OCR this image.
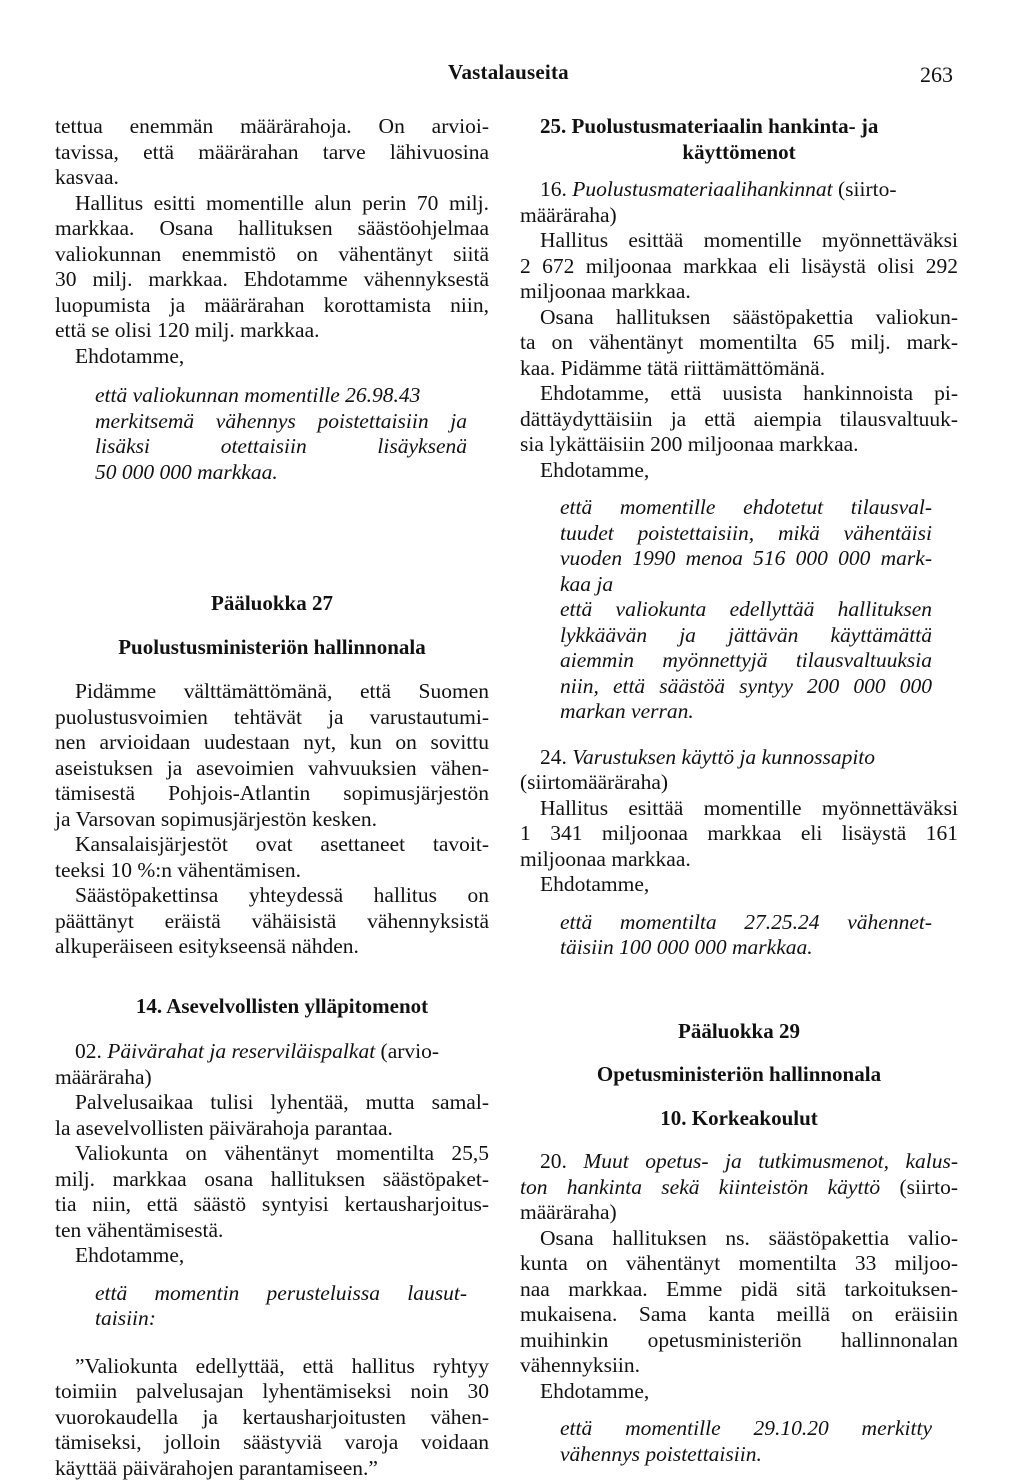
Vastalauseita	263
tettua enemmän määrärahoja. On arvioi-
tavissa, että määrärahan tarve lähivuosina
kasvaa.
Hallitus esitti momentille alun perin 70 milj.
markkaa. Osana hallituksen säästöohjelmaa
valiokunnan enemmistö on vähentänyt siitä
30 milj. markkaa. Ehdotamme vähennyksestä
luopumista ja määrärahan korottamista niin,
että se olisi 120 milj. markkaa.
Ehdotamme,
että valiokunnan momentille 26.98.43
merkitsemä vähennys poistettaisiin ja
lisäksi otettaisiin lisäyksenä
50 000 000 markkaa.
Pääluokka 27
Puolustusministeriön hallinnonala
Pidämme välttämättömänä, että Suomen
puolustusvoimien tehtävät ja varustautumi-
nen arvioidaan uudestaan nyt, kun on sovittu
aseistuksen ja asevoimien vahvuuksien vähen-
tämisestä Pohjois-Atlantin sopimusjärjestön
ja Varsovan sopimusjärjestön kesken.
Kansalaisjärjestöt ovat asettaneet tavoit-
teeksi 10 %:n vähentämisen.
Säästöpakettinsa yhteydessä hallitus on
päättänyt eräistä vähäisistä vähennyksistä
alkuperäiseen esitykseensä nähden.
14. Asevelvollisten ylläpitomenot
02. Päivärahat ja reserviläispalkat (arvio-
määräraha)
Palvelusaikaa tulisi lyhentää, mutta samal-
la asevelvollisten päivärahoja parantaa.
Valiokunta on vähentänyt momentilta 25,5
milj. markkaa osana hallituksen säästöpaket-
tia niin, että säästö syntyisi kertausharjoitus-
ten vähentämisestä.
Ehdotamme,
että momentin perusteluissa lausut-
taisiin:
”Valiokunta edellyttää, että hallitus ryhtyy
toimiin palvelusajan lyhentämiseksi noin 30
vuorokaudella ja kertausharjoitusten vähen-
tämiseksi, jolloin säästyviä varoja voidaan
käyttää päivärahojen parantamiseen.”
25. Puolustusmateriaalin hankinta- ja
käyttömenot
16. Puolustusmateriaalihankinnat (siirto-
määräraha)
Hallitus esittää momentille myönnettäväksi
2 672 miljoonaa markkaa eli lisäystä olisi 292
miljoonaa markkaa.
Osana hallituksen säästöpakettia valiokun-
ta on vähentänyt momentilta 65 milj. mark-
kaa. Pidämme tätä riittämättömänä.
Ehdotamme, että uusista hankinnoista pi-
dättäydyttäisiin ja että aiempia tilausvaltuuk-
sia lykättäisiin 200 miljoonaa markkaa.
Ehdotamme,
että momentille ehdotetut tilausval-
tuudet poistettaisiin, mikä vähentäisi
vuoden 1990 menoa 516 000 000 mark-
kaa ja
että valiokunta edellyttää hallituksen
lykkäävän ja jättävän käyttämättä
aiemmin myönnettyjä tilausvaltuuksia
niin, että säästöä syntyy 200 000 000
markan verran.
24. Varustuksen käyttö ja kunnossapito
(siirtomääräraha)
Hallitus esittää momentille myönnettäväksi
1 341 miljoonaa markkaa eli lisäystä 161
miljoonaa markkaa.
Ehdotamme,
että momentilta 27.25.24 vähennet-
täisiin 100 000 000 markkaa.
Pääluokka 29
Opetusministeriön hallinnonala
10. Korkeakoulut
20. Muut opetus- ja tutkimusmenot, kalus-
ton hankinta sekä kiinteistön käyttö (siirto-
määräraha)
Osana hallituksen ns. säästöpakettia valio-
kunta on vähentänyt momentilta 33 miljoo-
naa markkaa. Emme pidä sitä tarkoituksen-
mukaisena. Sama kanta meillä on eräisiin
muihinkin opetusministeriön hallinnonalan
vähennyksiin.
Ehdotamme,
että momentille 29.10.20 merkitty
vähennys poistettaisiin.
